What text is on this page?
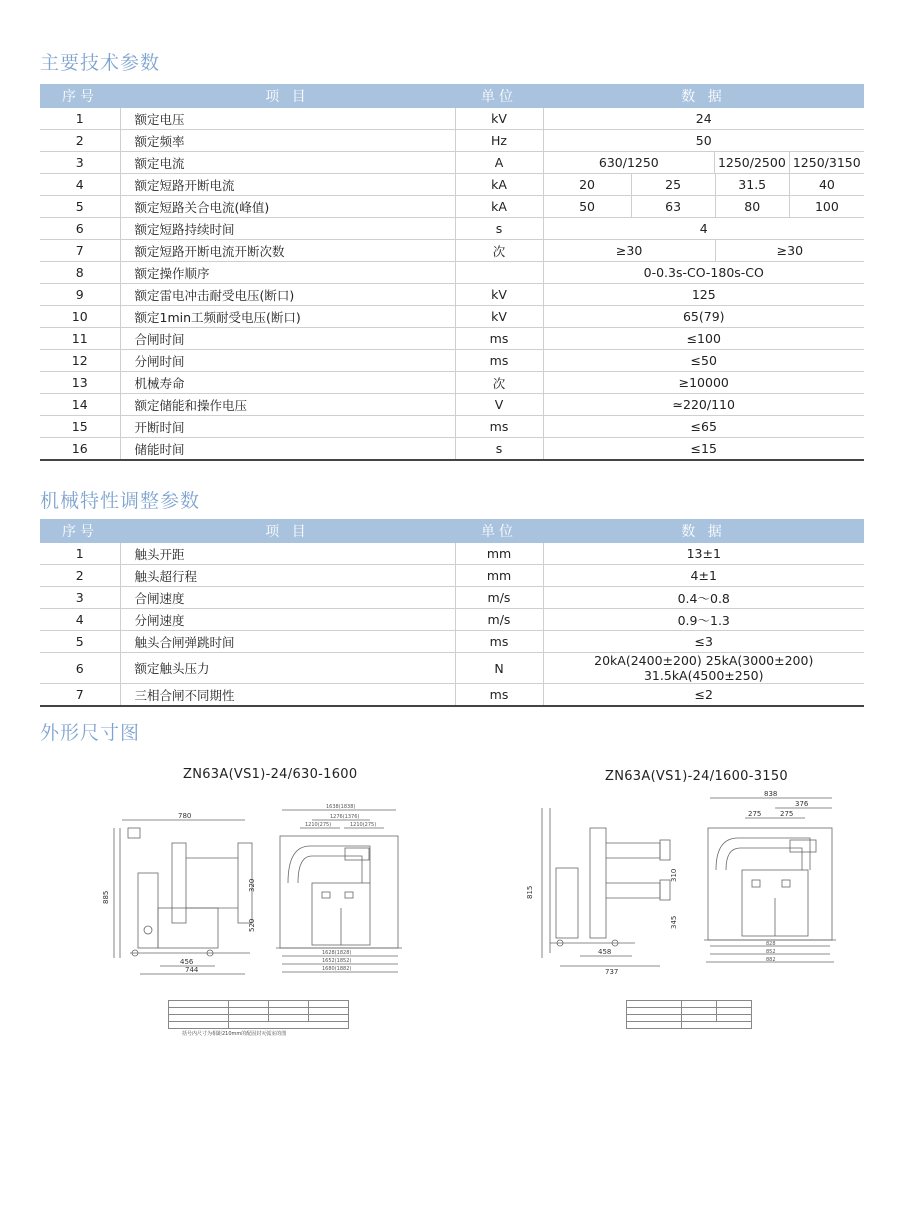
主要技术参数
序号	项 目	单位	数 据
1	额定电压	kV	24
2	额定频率	Hz	50
3	额定电流	A	630/1250 1250/2500 1250/3150

4	额定短路开断电流	kA	20 25 31.5 40

5	额定短路关合电流(峰值)	kA	50 63 80 100

6	额定短路持续时间	s	4
7	额定短路开断电流开断次数	次	≥30 ≥30

8	额定操作顺序		0-0.3s-CO-180s-CO
9	额定雷电冲击耐受电压(断口)	kV	125
10	额定1min工频耐受电压(断口)	kV	65(79)
11	合闸时间	ms	≤100
12	分闸时间	ms	≤50
13	机械寿命	次	≥10000
14	额定储能和操作电压	V	≃220/110
15	开断时间	ms	≤65
16	储能时间	s	≤15
机械特性调整参数
序号	项 目	单位	数 据
1	触头开距	mm	13±1
2	触头超行程	mm	4±1
3	合闸速度	m/s	0.4～0.8
4	分闸速度	m/s	0.9～1.3
5	触头合闸弹跳时间	ms	≤3
6	额定触头压力	N	20kA(2400±200) 25kA(3000±200) 31.5kA(4500±250)
7	三相合闸不同期性	ms	≤2
外形尺寸图
ZN63A(VS1)-24/630-1600	ZN63A(VS1)-24/1600-3150
780
456
744
885
320
520
1628(1828)
1652(1852)
1680(1882)
1638(1838)
1276(1376)
1210(275)	1210(275)

括号内尺寸为相距210mm的配固封灭弧室的图
458
737
815
310
345
838
376
275	275
828
852
882
